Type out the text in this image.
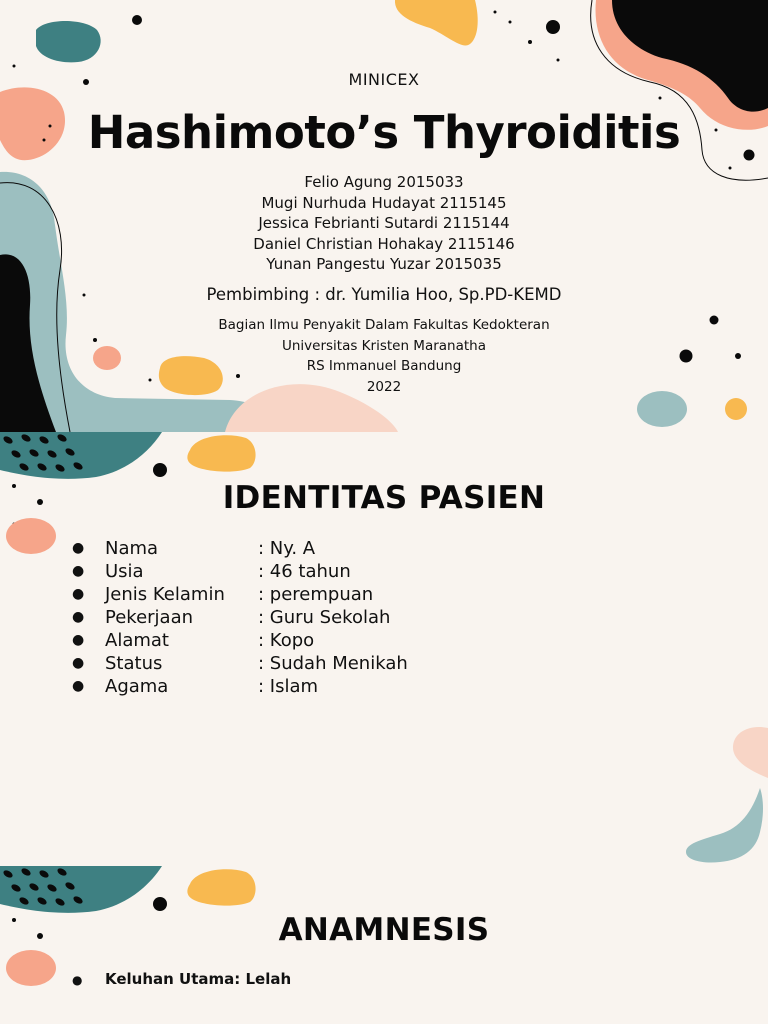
MINICEX
Hashimoto’s Thyroiditis
Felio Agung 2015033
Mugi Nurhuda Hudayat 2115145
Jessica Febrianti Sutardi 2115144
Daniel Christian Hohakay 2115146
Yunan Pangestu Yuzar 2015035
Pembimbing : dr. Yumilia Hoo, Sp.PD-KEMD
Bagian Ilmu Penyakit Dalam Fakultas Kedokteran
Universitas Kristen Maranatha
RS Immanuel Bandung
2022
IDENTITAS PASIEN
● Nama	: Ny. A
● Usia	: 46 tahun
● Jenis Kelamin : perempuan
● Pekerjaan	: Guru Sekolah
● Alamat	: Kopo
● Status	: Sudah Menikah
● Agama	: Islam
ANAMNESIS
● Keluhan Utama: Lelah
